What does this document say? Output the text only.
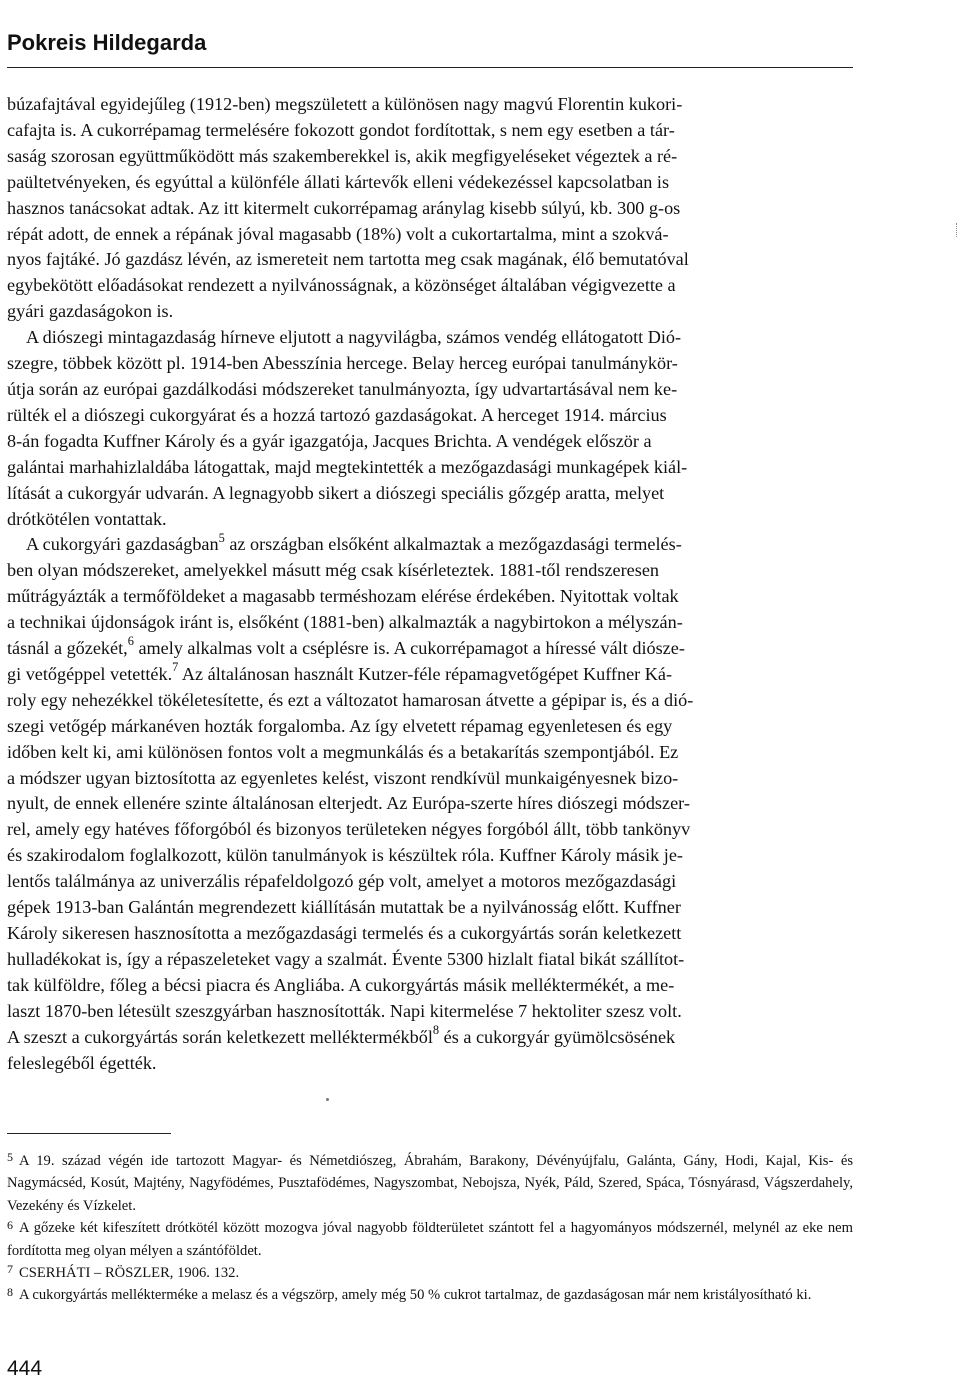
Pokreis Hildegarda

búzafajtával egyidejűleg (1912-ben) megszületett a különösen nagy magvú Florentin kukori-

cafajta is. A cukorrépamag termelésére fokozott gondot fordítottak, s nem egy esetben a tár-

saság szorosan együttműködött más szakemberekkel is, akik megfigyeléseket végeztek a ré-

paültetvényeken, és egyúttal a különféle állati kártevők elleni védekezéssel kapcsolatban is

hasznos tanácsokat adtak. Az itt kitermelt cukorrépamag aránylag kisebb súlyú, kb. 300 g-os

répát adott, de ennek a répának jóval magasabb (18%) volt a cukortartalma, mint a szokvá-

nyos fajtáké. Jó gazdász lévén, az ismereteit nem tartotta meg csak magának, élő bemutatóval

egybekötött előadásokat rendezett a nyilvánosságnak, a közönséget általában végigvezette a

gyári gazdaságokon is.

A diószegi mintagazdaság hírneve eljutott a nagyvilágba, számos vendég ellátogatott Dió-

szegre, többek között pl. 1914-ben Abesszínia hercege. Belay herceg európai tanulmánykör-

útja során az európai gazdálkodási módszereket tanulmányozta, így udvartartásával nem ke-

rülték el a diószegi cukorgyárat és a hozzá tartozó gazdaságokat. A herceget 1914. március

8-án fogadta Kuffner Károly és a gyár igazgatója, Jacques Brichta. A vendégek először a

galántai marhahizlaldába látogattak, majd megtekintették a mezőgazdasági munkagépek kiál-

lítását a cukorgyár udvarán. A legnagyobb sikert a diószegi speciális gőzgép aratta, melyet

drótkötélen vontattak.

A cukorgyári gazdaságban$^5$ az országban elsőként alkalmaztak a mezőgazdasági termelés-

ben olyan módszereket, amelyekkel másutt még csak kísérleteztek. 1881-től rendszeresen

műtrágyázták a termőföldeket a magasabb terméshozam elérése érdekében. Nyitottak voltak

a technikai újdonságok iránt is, elsőként (1881-ben) alkalmazták a nagybirtokon a mélyszán-

tásnál a gőzekét,$^6$ amely alkalmas volt a cséplésre is. A cukorrépamagot a híressé vált diósze-

gi vetőgéppel vetették.$^7$ Az általánosan használt Kutzer-féle répamagvetőgépet Kuffner Ká-

roly egy nehezékkel tökéletesítette, és ezt a változatot hamarosan átvette a gépipar is, és a dió-

szegi vetőgép márkanéven hozták forgalomba. Az így elvetett répamag egyenletesen és egy

időben kelt ki, ami különösen fontos volt a megmunkálás és a betakarítás szempontjából. Ez

a módszer ugyan biztosította az egyenletes kelést, viszont rendkívül munkaigényesnek bizo-

nyult, de ennek ellenére szinte általánosan elterjedt. Az Európa-szerte híres diószegi módszer-

rel, amely egy hatéves főforgóból és bizonyos területeken négyes forgóból állt, több tankönyv

és szakirodalom foglalkozott, külön tanulmányok is készültek róla. Kuffner Károly másik je-

lentős találmánya az univerzális répafeldolgozó gép volt, amelyet a motoros mezőgazdasági

gépek 1913-ban Galántán megrendezett kiállításán mutattak be a nyilvánosság előtt. Kuffner

Károly sikeresen hasznosította a mezőgazdasági termelés és a cukorgyártás során keletkezett

hulladékokat is, így a répaszeleteket vagy a szalmát. Évente 5300 hizlalt fiatal bikát szállítot-

tak külföldre, főleg a bécsi piacra és Angliába. A cukorgyártás másik melléktermékét, a me-

laszt 1870-ben létesült szeszgyárban hasznosították. Napi kitermelése 7 hektoliter szesz volt.

A szeszt a cukorgyártás során keletkezett melléktermékből$^8$ és a cukorgyár gyümölcsösének

feleslegéből égették.

$^5$ A 19. század végén ide tartozott Magyar- és Németdiószeg, Ábrahám, Barakony, Dévényújfalu, Galánta, Gány, Hodi, Kajal, Kis- és Nagymácséd, Kosút, Majtény, Nagyfödémes, Pusztafödémes, Nagyszombat, Nebojsza, Nyék, Páld, Szered, Spáca, Tósnyárasd, Vágszerdahely, Vezekény és Vízkelet.

$^6$ A gőzeke két kifeszített drótkötél között mozogva jóval nagyobb földterületet szántott fel a hagyományos módszernél, melynél az eke nem fordította meg olyan mélyen a szántóföldet.

$^7$ CSERHÁTI – RÖSZLER, 1906. 132.

$^8$ A cukorgyártás mellékterméke a melasz és a végszörp, amely még 50 % cukrot tartalmaz, de gazdaságosan már nem kristályosítható ki.

444
